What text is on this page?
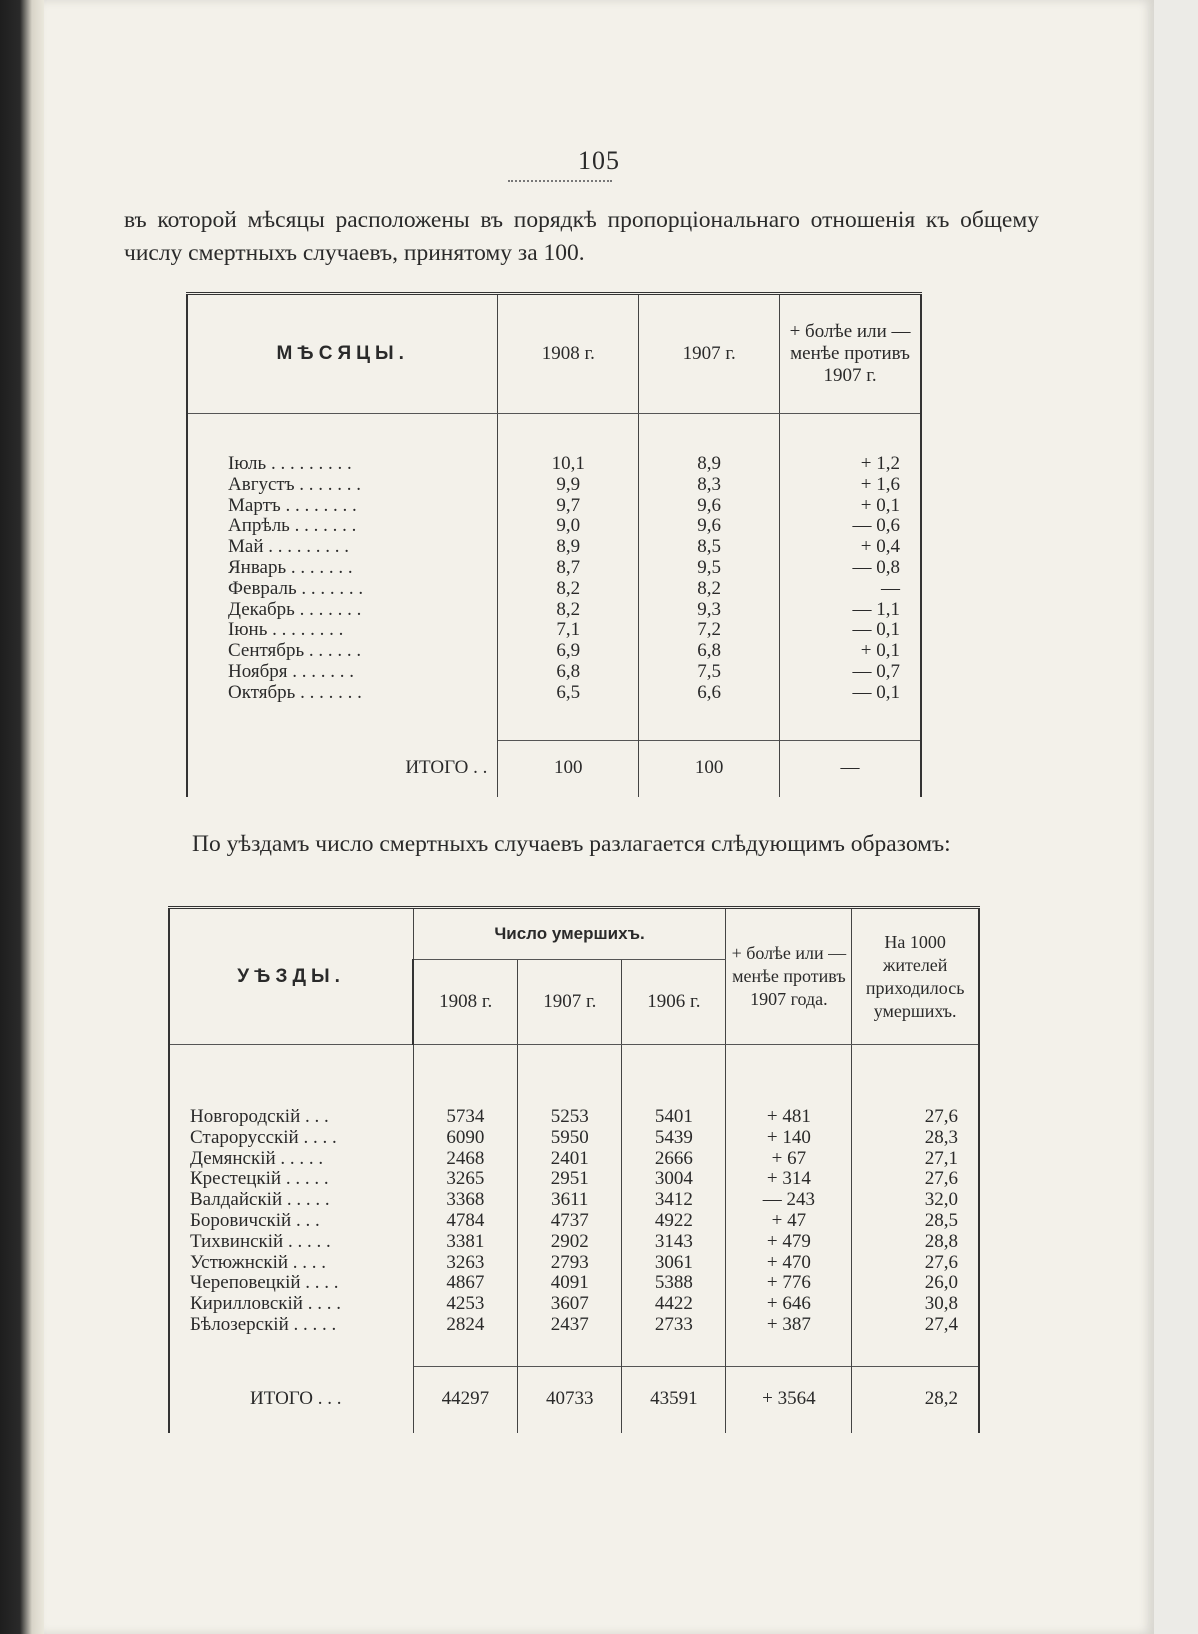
105
въ которой мѣсяцы расположены въ порядкѣ пропорціональнаго отношенія къ общему числу смертныхъ случаевъ, принятому за 100.
МѢСЯЦЫ.	1908 г.	1907 г.	+ болѣе или — менѣе противъ 1907 г.

Іюль . . . . . . . . .	10,1	8,9	+ 1,2
Августъ . . . . . . .	9,9	8,3	+ 1,6
Мартъ . . . . . . . .	9,7	9,6	+ 0,1
Апрѣль . . . . . . .	9,0	9,6	— 0,6
Май . . . . . . . . .	8,9	8,5	+ 0,4
Январь . . . . . . .	8,7	9,5	— 0,8
Февраль . . . . . . .	8,2	8,2	—
Декабрь . . . . . . .	8,2	9,3	— 1,1
Іюнь . . . . . . . .	7,1	7,2	— 0,1
Сентябрь . . . . . .	6,9	6,8	+ 0,1
Ноября . . . . . . .	6,8	7,5	— 0,7
Октябрь . . . . . . .	6,5	6,6	— 0,1

ИТОГО . .	100	100	—
По уѣздамъ число смертныхъ случаевъ разлагается слѣдующимъ образомъ:
УѢЗДЫ.	Число умершихъ.			+ болѣе или — менѣе противъ 1907 года.	На 1000 жителей приходилось умершихъ.
	1908 г.	1907 г.	1906 г.		

Новгородскій . . .	5734	5253	5401	+ 481	27,6
Старорусскій . . . .	6090	5950	5439	+ 140	28,3
Демянскій . . . . .	2468	2401	2666	+ 67	27,1
Крестецкій . . . . .	3265	2951	3004	+ 314	27,6
Валдайскій . . . . .	3368	3611	3412	— 243	32,0
Боровичскій . . .	4784	4737	4922	+ 47	28,5
Тихвинскій . . . . .	3381	2902	3143	+ 479	28,8
Устюжнскій . . . .	3263	2793	3061	+ 470	27,6
Череповецкій . . . .	4867	4091	5388	+ 776	26,0
Кирилловскій . . . .	4253	3607	4422	+ 646	30,8
Бѣлозерскій . . . . .	2824	2437	2733	+ 387	27,4

ИТОГО . . .	44297	40733	43591	+ 3564	28,2
